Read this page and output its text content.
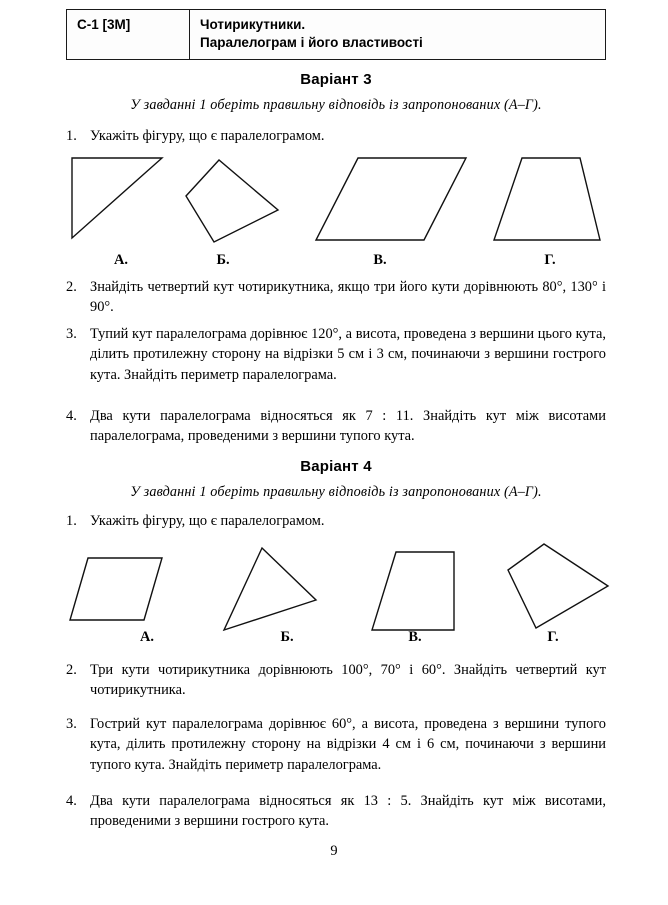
С-1 [3М]	Чотирикутники.
Паралелограм і його властивості
Варіант 3
У завданні 1 оберіть правильну відповідь із запропонованих (А–Г).
1. Укажіть фігуру, що є паралелограмом.
А.	Б.	В.	Г.
2. Знайдіть четвертий кут чотирикутника, якщо три його кути дорівнюють 80°, 130° і 90°.
3. Тупий кут паралелограма дорівнює 120°, а висота, проведена з вершини цього кута, ділить протилежну сторону на відрізки 5 см і 3 см, починаючи з вершини гострого кута. Знайдіть периметр паралелограма.
4. Два кути паралелограма відносяться як 7 : 11. Знайдіть кут між висотами паралелограма, проведеними з вершини тупого кута.
Варіант 4
У завданні 1 оберіть правильну відповідь із запропонованих (А–Г).
1. Укажіть фігуру, що є паралелограмом.
А.	Б.	В.	Г.
2. Три кути чотирикутника дорівнюють 100°, 70° і 60°. Знайдіть четвертий кут чотирикутника.
3. Гострий кут паралелограма дорівнює 60°, а висота, проведена з вершини тупого кута, ділить протилежну сторону на відрізки 4 см і 6 см, починаючи з вершини тупого кута. Знайдіть периметр паралелограма.
4. Два кути паралелограма відносяться як 13 : 5. Знайдіть кут між висотами, проведеними з вершини гострого кута.
9
